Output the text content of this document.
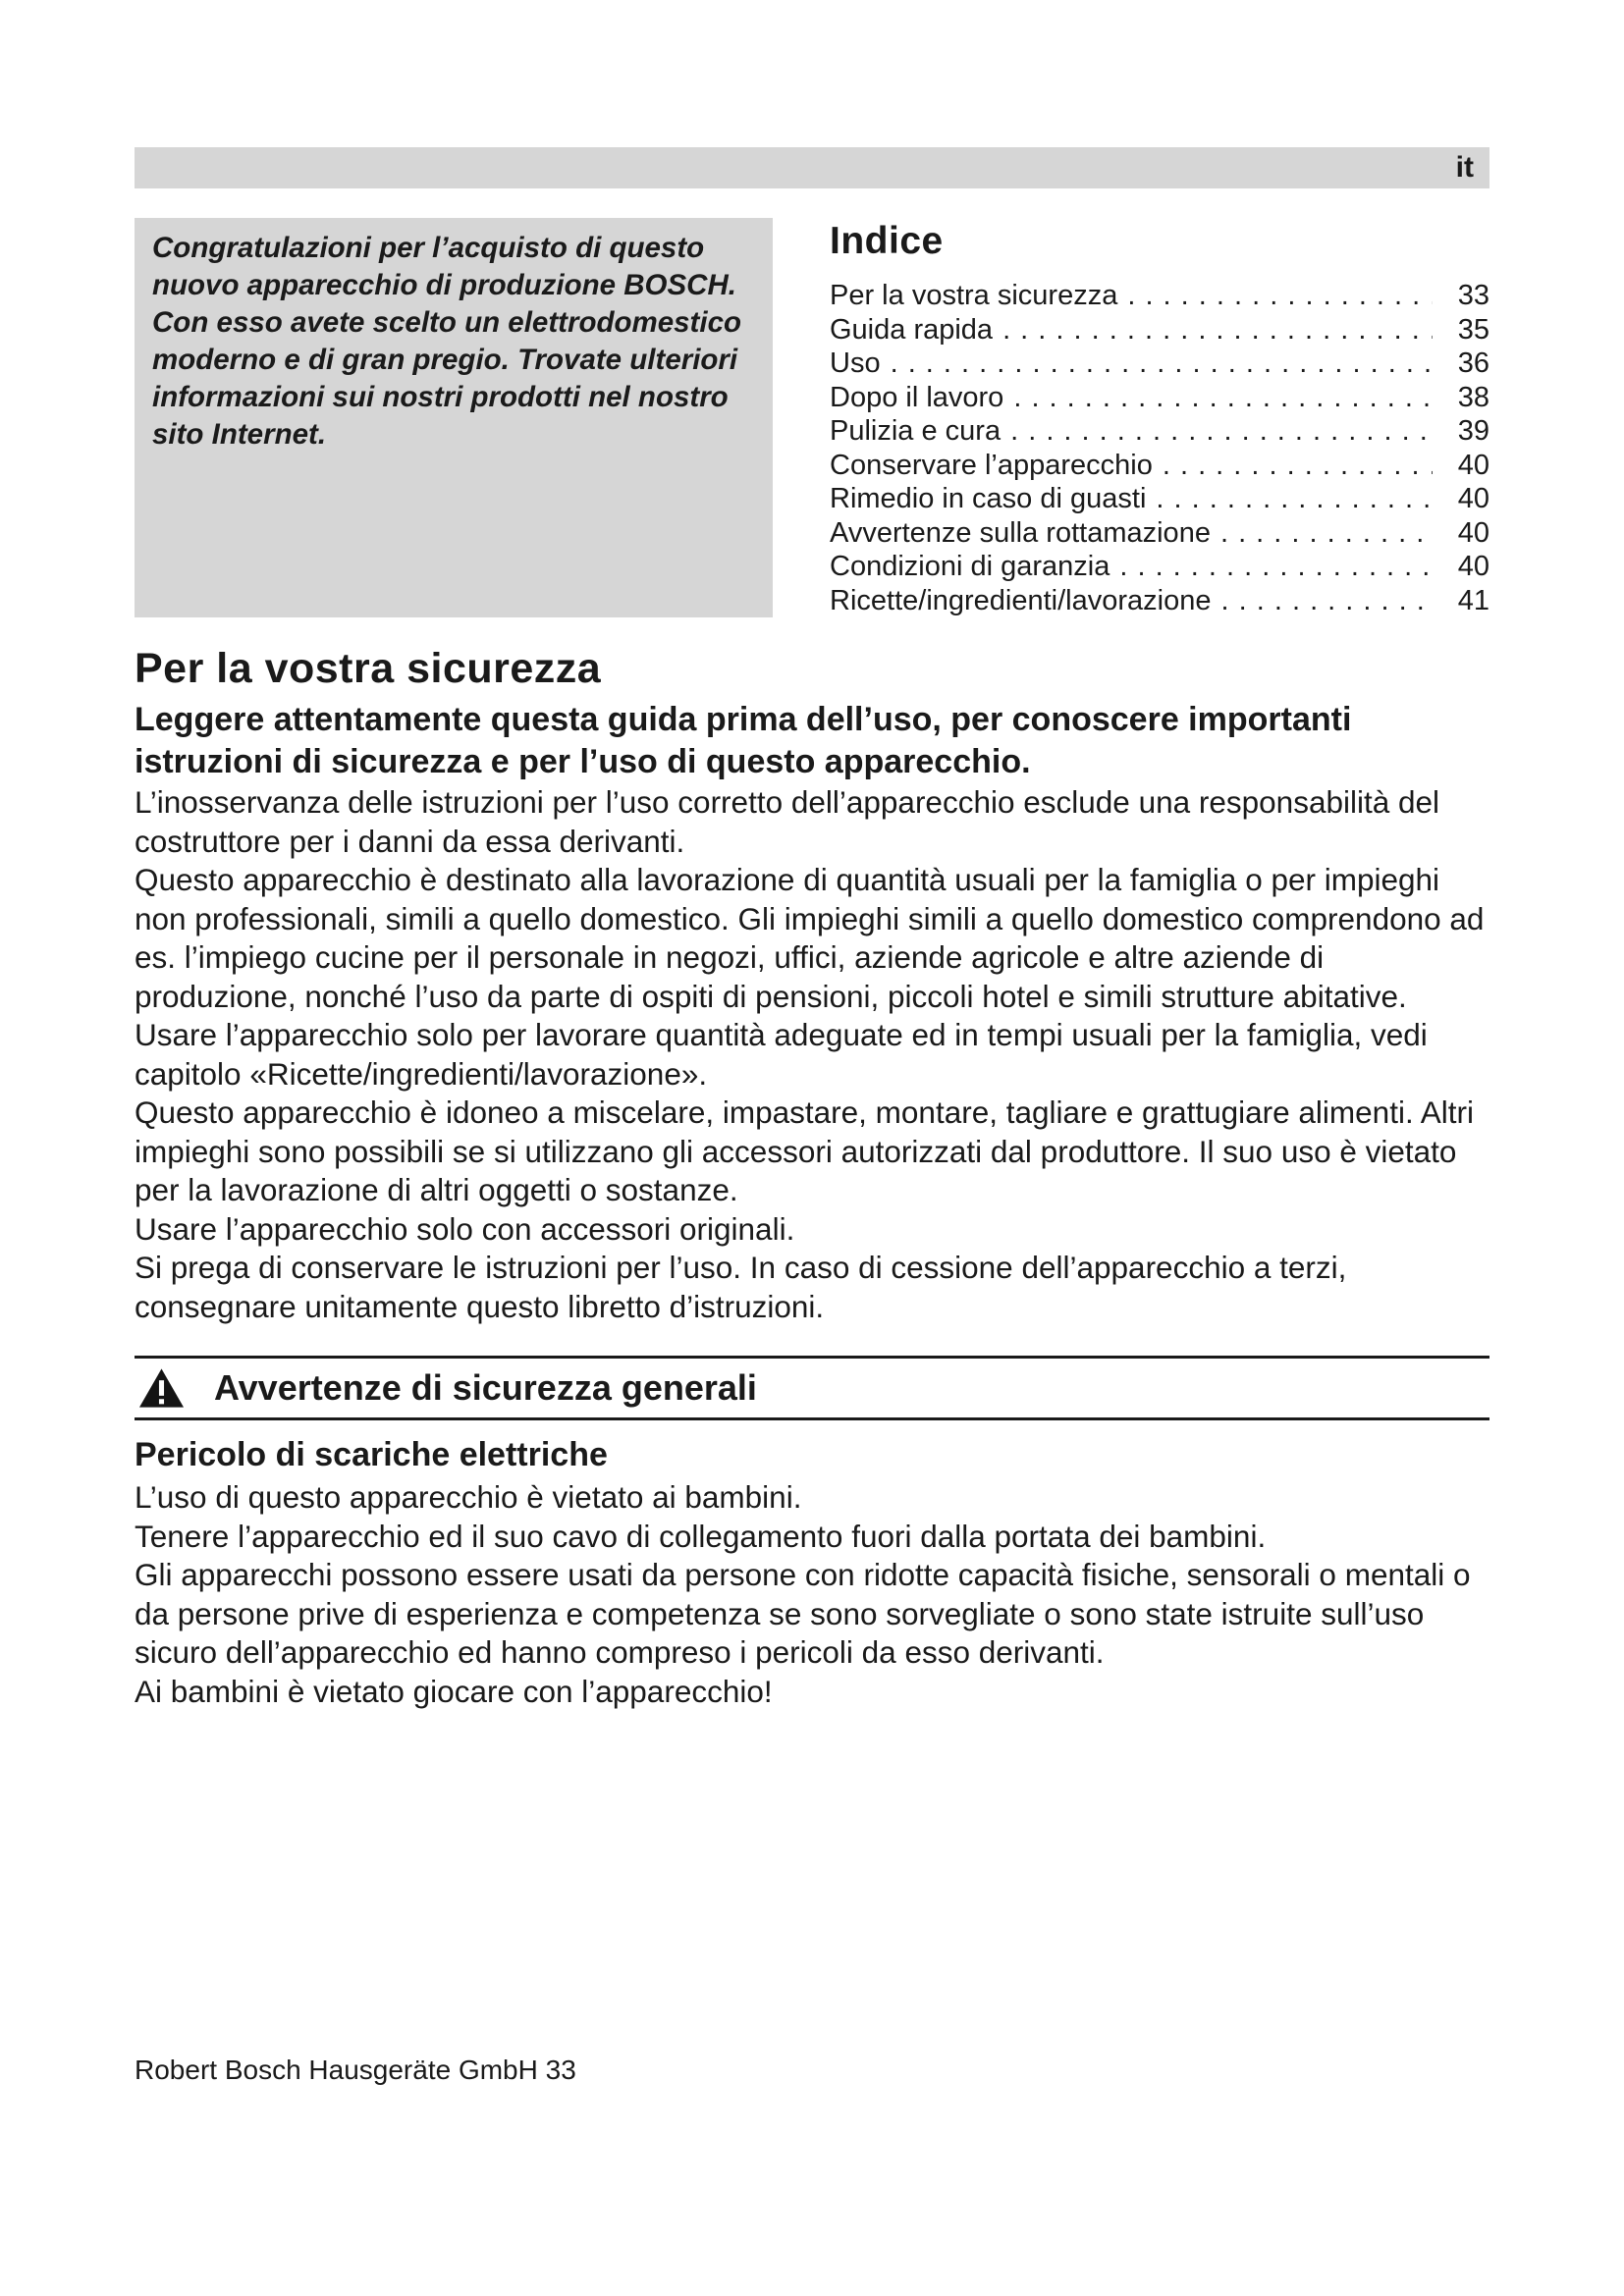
it
Congratulazioni per l’acquisto di questo nuovo apparecchio di produzione BOSCH. Con esso avete scelto un elettrodomestico moderno e di gran pregio. Trovate ulteriori informazioni sui nostri prodotti nel nostro sito Internet.
Indice
Per la vostra sicurezza . . .	33
Guida rapida . . .	35
Uso . . .	36
Dopo il lavoro . . .	38
Pulizia e cura . . .	39
Conservare l’apparecchio . . .	40
Rimedio in caso di guasti . . .	40
Avvertenze sulla rottamazione . . .	40
Condizioni di garanzia . . .	40
Ricette/ingredienti/lavorazione . . .	41
Per la vostra sicurezza

Leggere attentamente questa guida prima dell’uso, per conoscere importanti istruzioni di sicurezza e per l’uso di questo apparecchio.

L’inosservanza delle istruzioni per l’uso corretto dell’apparecchio esclude una responsabilità del costruttore per i danni da essa derivanti.

Questo apparecchio è destinato alla lavorazione di quantità usuali per la famiglia o per impieghi non professionali, simili a quello domestico. Gli impieghi simili a quello domestico comprendono ad es. l’impiego cucine per il personale in negozi, uffici, aziende agricole e altre aziende di produzione, nonché l’uso da parte di ospiti di pensioni, piccoli hotel e simili strutture abitative. Usare l’apparecchio solo per lavorare quantità adeguate ed in tempi usuali per la famiglia, vedi capitolo «Ricette/ingredienti/lavorazione».

Questo apparecchio è idoneo a miscelare, impastare, montare, tagliare e grattugiare alimenti. Altri impieghi sono possibili se si utilizzano gli accessori autorizzati dal produttore. Il suo uso è vietato per la lavorazione di altri oggetti o sostanze.

Usare l’apparecchio solo con accessori originali.

Si prega di conservare le istruzioni per l’uso. In caso di cessione dell’apparecchio a terzi, consegnare unitamente questo libretto d’istruzioni.

Avvertenze di sicurezza generali
Pericolo di scariche elettriche

L’uso di questo apparecchio è vietato ai bambini.

Tenere l’apparecchio ed il suo cavo di collegamento fuori dalla portata dei bambini.

Gli apparecchi possono essere usati da persone con ridotte capacità fisiche, sensorali o mentali o da persone prive di esperienza e competenza se sono sorvegliate o sono state istruite sull’uso sicuro dell’apparecchio ed hanno compreso i pericoli da esso derivanti.

Ai bambini è vietato giocare con l’apparecchio!

Robert Bosch Hausgeräte GmbH 33
